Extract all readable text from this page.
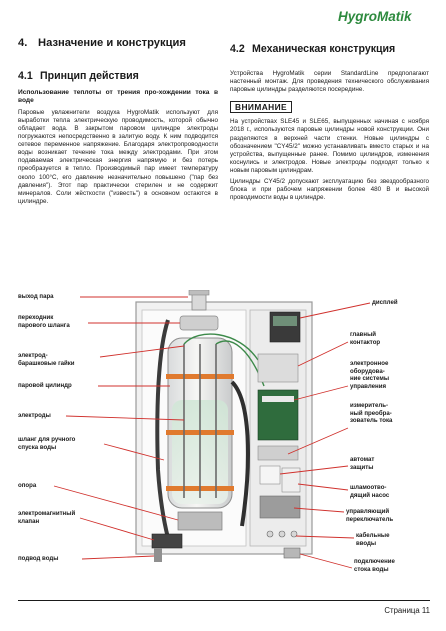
HygroMatik
4. Назначение и конструкция
4.1 Принцип действия
4.2 Механическая конструкция
Использование теплоты от трения про-хождении тока в воде
Паровые увлажнители воздуха HygroMatik используют для выработки тепла электрическую проводимость, которой обычно обладает вода. В закрытом паровом цилиндре электроды погружаются непосредственно в залитую воду. К ним подводится сетевое переменное напряжение. Благодаря электропроводности воды возникает течение тока между электродами. При этом подаваемая электрическая энергия напрямую и без потерь преобразуется в тепло. Производимый пар имеет температуру около 100°С, его давление незначительно повышено ("пар без давления"). Этот пар практически стерилен и не содержит минералов. Соли жёсткости ("известь") в основном остаются в цилиндре.
Устройства HygroMatik серии StandardLine предполагают настенный монтаж. Для проведения технического обслуживания паровые цилиндры разделяются посередине.
ВНИМАНИЕ
На устройствах SLE45 и SLE65, выпущенных начиная с ноября 2018 г., используются паровые цилиндры новой конструкции. Они разделяются в верхней части стенки. Новые цилиндры с обозначением "CY45/2" можно устанавливать вместо старых и на устройства, выпущенные ранее. Помимо цилиндров, изменения коснулись и электродов. Новые электроды подходят только к новым паровым цилиндрам.
Цилиндры CY45/2 допускают эксплуатацию без звездообразного блока и при рабочем напряжении более 480 В и высокой проводимости воды в цилиндре.
выход пара
переходник
парового шланга
электрод-
барашковые гайки
паровой цилиндр
электроды
шланг для ручного
спуска воды
опора
электромагнитный
клапан
подвод воды
дисплей
главный
контактор
электронное
оборудова-
ние системы
управления
измеритель-
ный преобра-
зователь тока
автомат
защиты
шламоотво-
дящий насос
управляющий
переключатель
кабельные
вводы
подключение
стока воды
Страница 11
